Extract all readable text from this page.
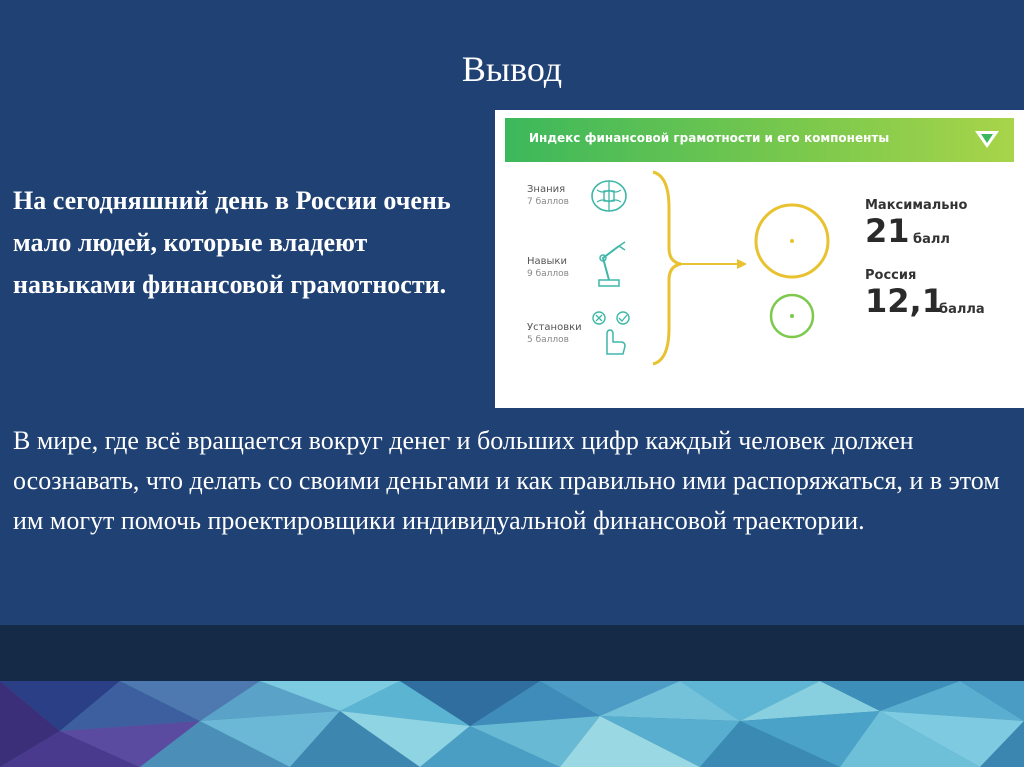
Вывод
На сегодняшний день в России очень мало людей, которые владеют навыками финансовой грамотности.
Индекс финансовой грамотности и его компоненты
Знания
7 баллов
Навыки
9 баллов
Установки
5 баллов
Максимально
21 балл
Россия
12,1
балла
В мире, где всё вращается вокруг денег и больших цифр каждый человек должен осознавать, что делать со своими деньгами и как правильно ими распоряжаться, и в этом им могут помочь проектировщики индивидуальной финансовой траектории.
